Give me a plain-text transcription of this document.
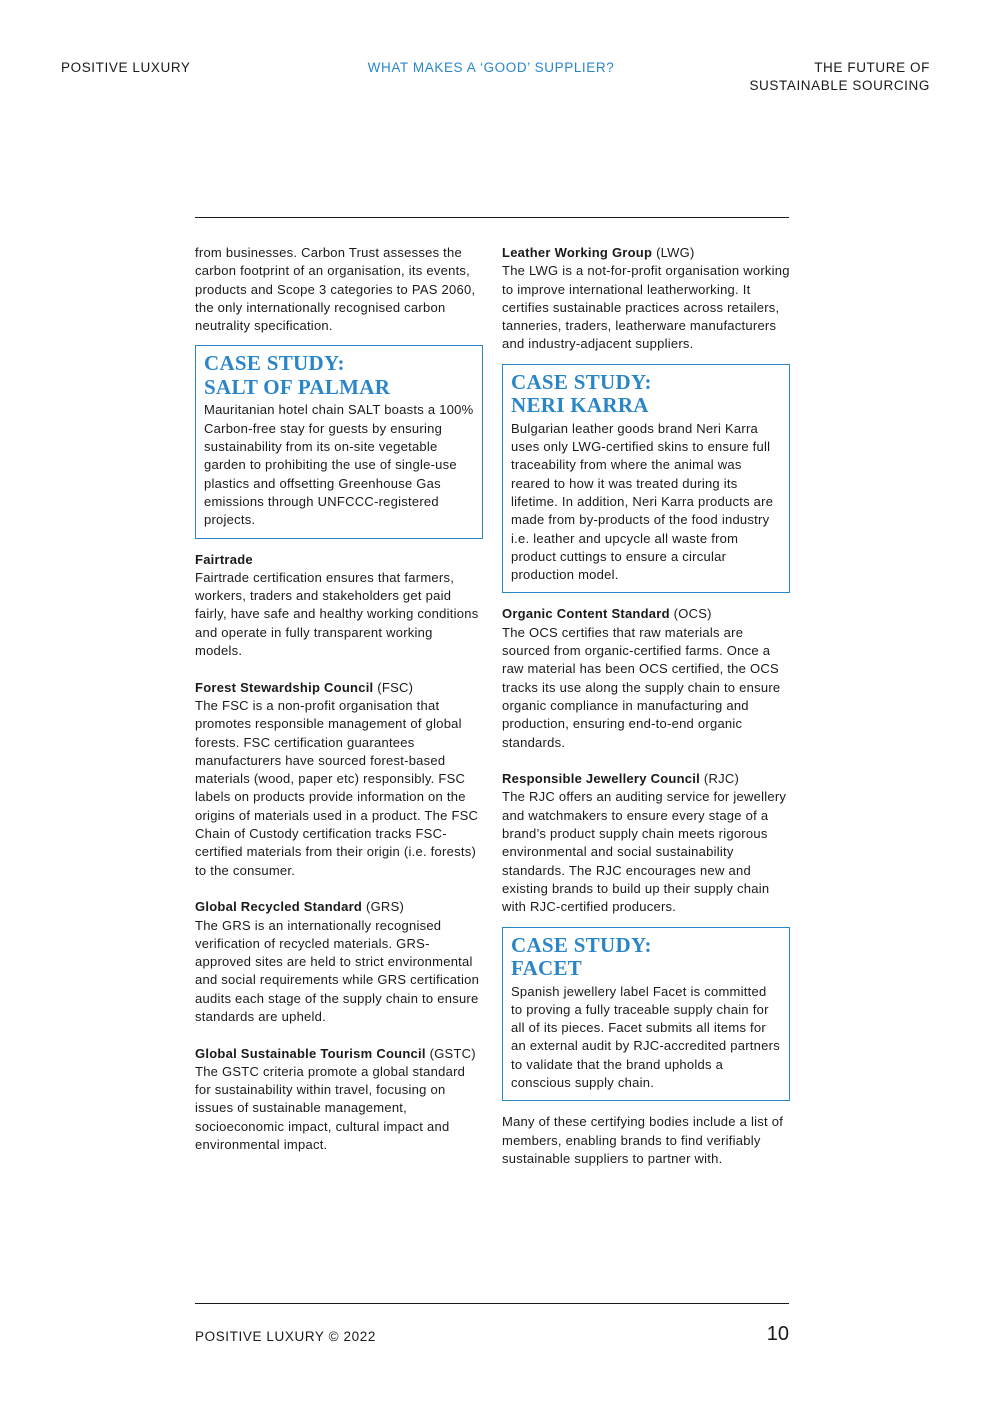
POSITIVE LUXURY	WHAT MAKES A ‘GOOD’ SUPPLIER?	THE FUTURE OF
SUSTAINABLE SOURCING

from businesses. Carbon Trust assesses the carbon footprint of an organisation, its events, products and Scope 3 categories to PAS 2060, the only internationally recognised carbon neutrality specification.

CASE STUDY:
SALT OF PALMAR

Mauritanian hotel chain SALT boasts a 100% Carbon-free stay for guests by ensuring sustainability from its on-site vegetable garden to prohibiting the use of single-use plastics and offsetting Greenhouse Gas emissions through UNFCCC-registered projects.

Fairtrade

Fairtrade certification ensures that farmers, workers, traders and stakeholders get paid fairly, have safe and healthy working conditions and operate in fully transparent working models.

Forest Stewardship Council (FSC)

The FSC is a non-profit organisation that promotes responsible management of global forests. FSC certification guarantees manufacturers have sourced forest-based materials (wood, paper etc) responsibly. FSC labels on products provide information on the origins of materials used in a product. The FSC Chain of Custody certification tracks FSC-certified materials from their origin (i.e. forests) to the consumer.

Global Recycled Standard (GRS)

The GRS is an internationally recognised verification of recycled materials. GRS-approved sites are held to strict environmental and social requirements while GRS certification audits each stage of the supply chain to ensure standards are upheld.

Global Sustainable Tourism Council (GSTC)

The GSTC criteria promote a global standard for sustainability within travel, focusing on issues of sustainable management, socioeconomic impact, cultural impact and environmental impact.

Leather Working Group (LWG)

The LWG is a not-for-profit organisation working to improve international leatherworking. It certifies sustainable practices across retailers, tanneries, traders, leatherware manufacturers and industry-adjacent suppliers.

CASE STUDY:
NERI KARRA

Bulgarian leather goods brand Neri Karra uses only LWG-certified skins to ensure full traceability from where the animal was reared to how it was treated during its lifetime. In addition, Neri Karra products are made from by-products of the food industry i.e. leather and upcycle all waste from product cuttings to ensure a circular production model.

Organic Content Standard (OCS)

The OCS certifies that raw materials are sourced from organic-certified farms. Once a raw material has been OCS certified, the OCS tracks its use along the supply chain to ensure organic compliance in manufacturing and production, ensuring end-to-end organic standards.

Responsible Jewellery Council (RJC)

The RJC offers an auditing service for jewellery and watchmakers to ensure every stage of a brand’s product supply chain meets rigorous environmental and social sustainability standards. The RJC encourages new and existing brands to build up their supply chain with RJC-certified producers.

CASE STUDY:
FACET

Spanish jewellery label Facet is committed to proving a fully traceable supply chain for all of its pieces. Facet submits all items for an external audit by RJC-accredited partners to validate that the brand upholds a conscious supply chain.

Many of these certifying bodies include a list of members, enabling brands to find verifiably sustainable suppliers to partner with.

POSITIVE LUXURY © 2022	10
